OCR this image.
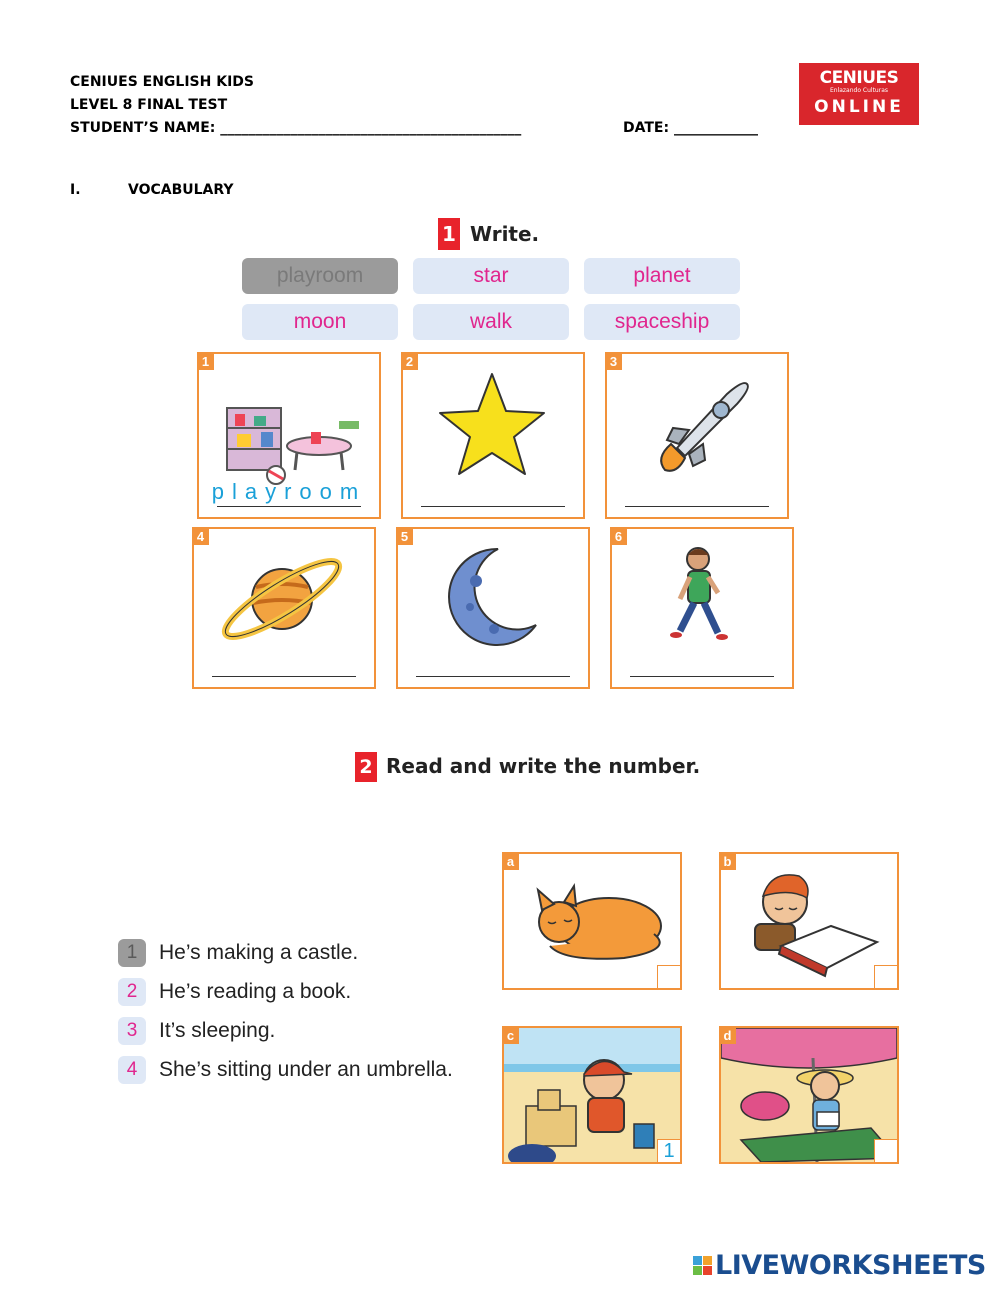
CENIUES ENGLISH KIDS
LEVEL 8 FINAL TEST
STUDENT’S NAME: ___________________________________________	DATE: ____________
CENIUES
Enlazando Culturas
ONLINE
I.	VOCABULARY
1 Write.
playroom	star	planet
moon	walk	spaceship
1
playroom
2	3
4	5	6
2 Read and write the number.
1	He’s making a castle.
2	He’s reading a book.
3	It’s sleeping.
4	She’s sitting under an umbrella.
a	b
c
1
d
LIVEWORKSHEETS
